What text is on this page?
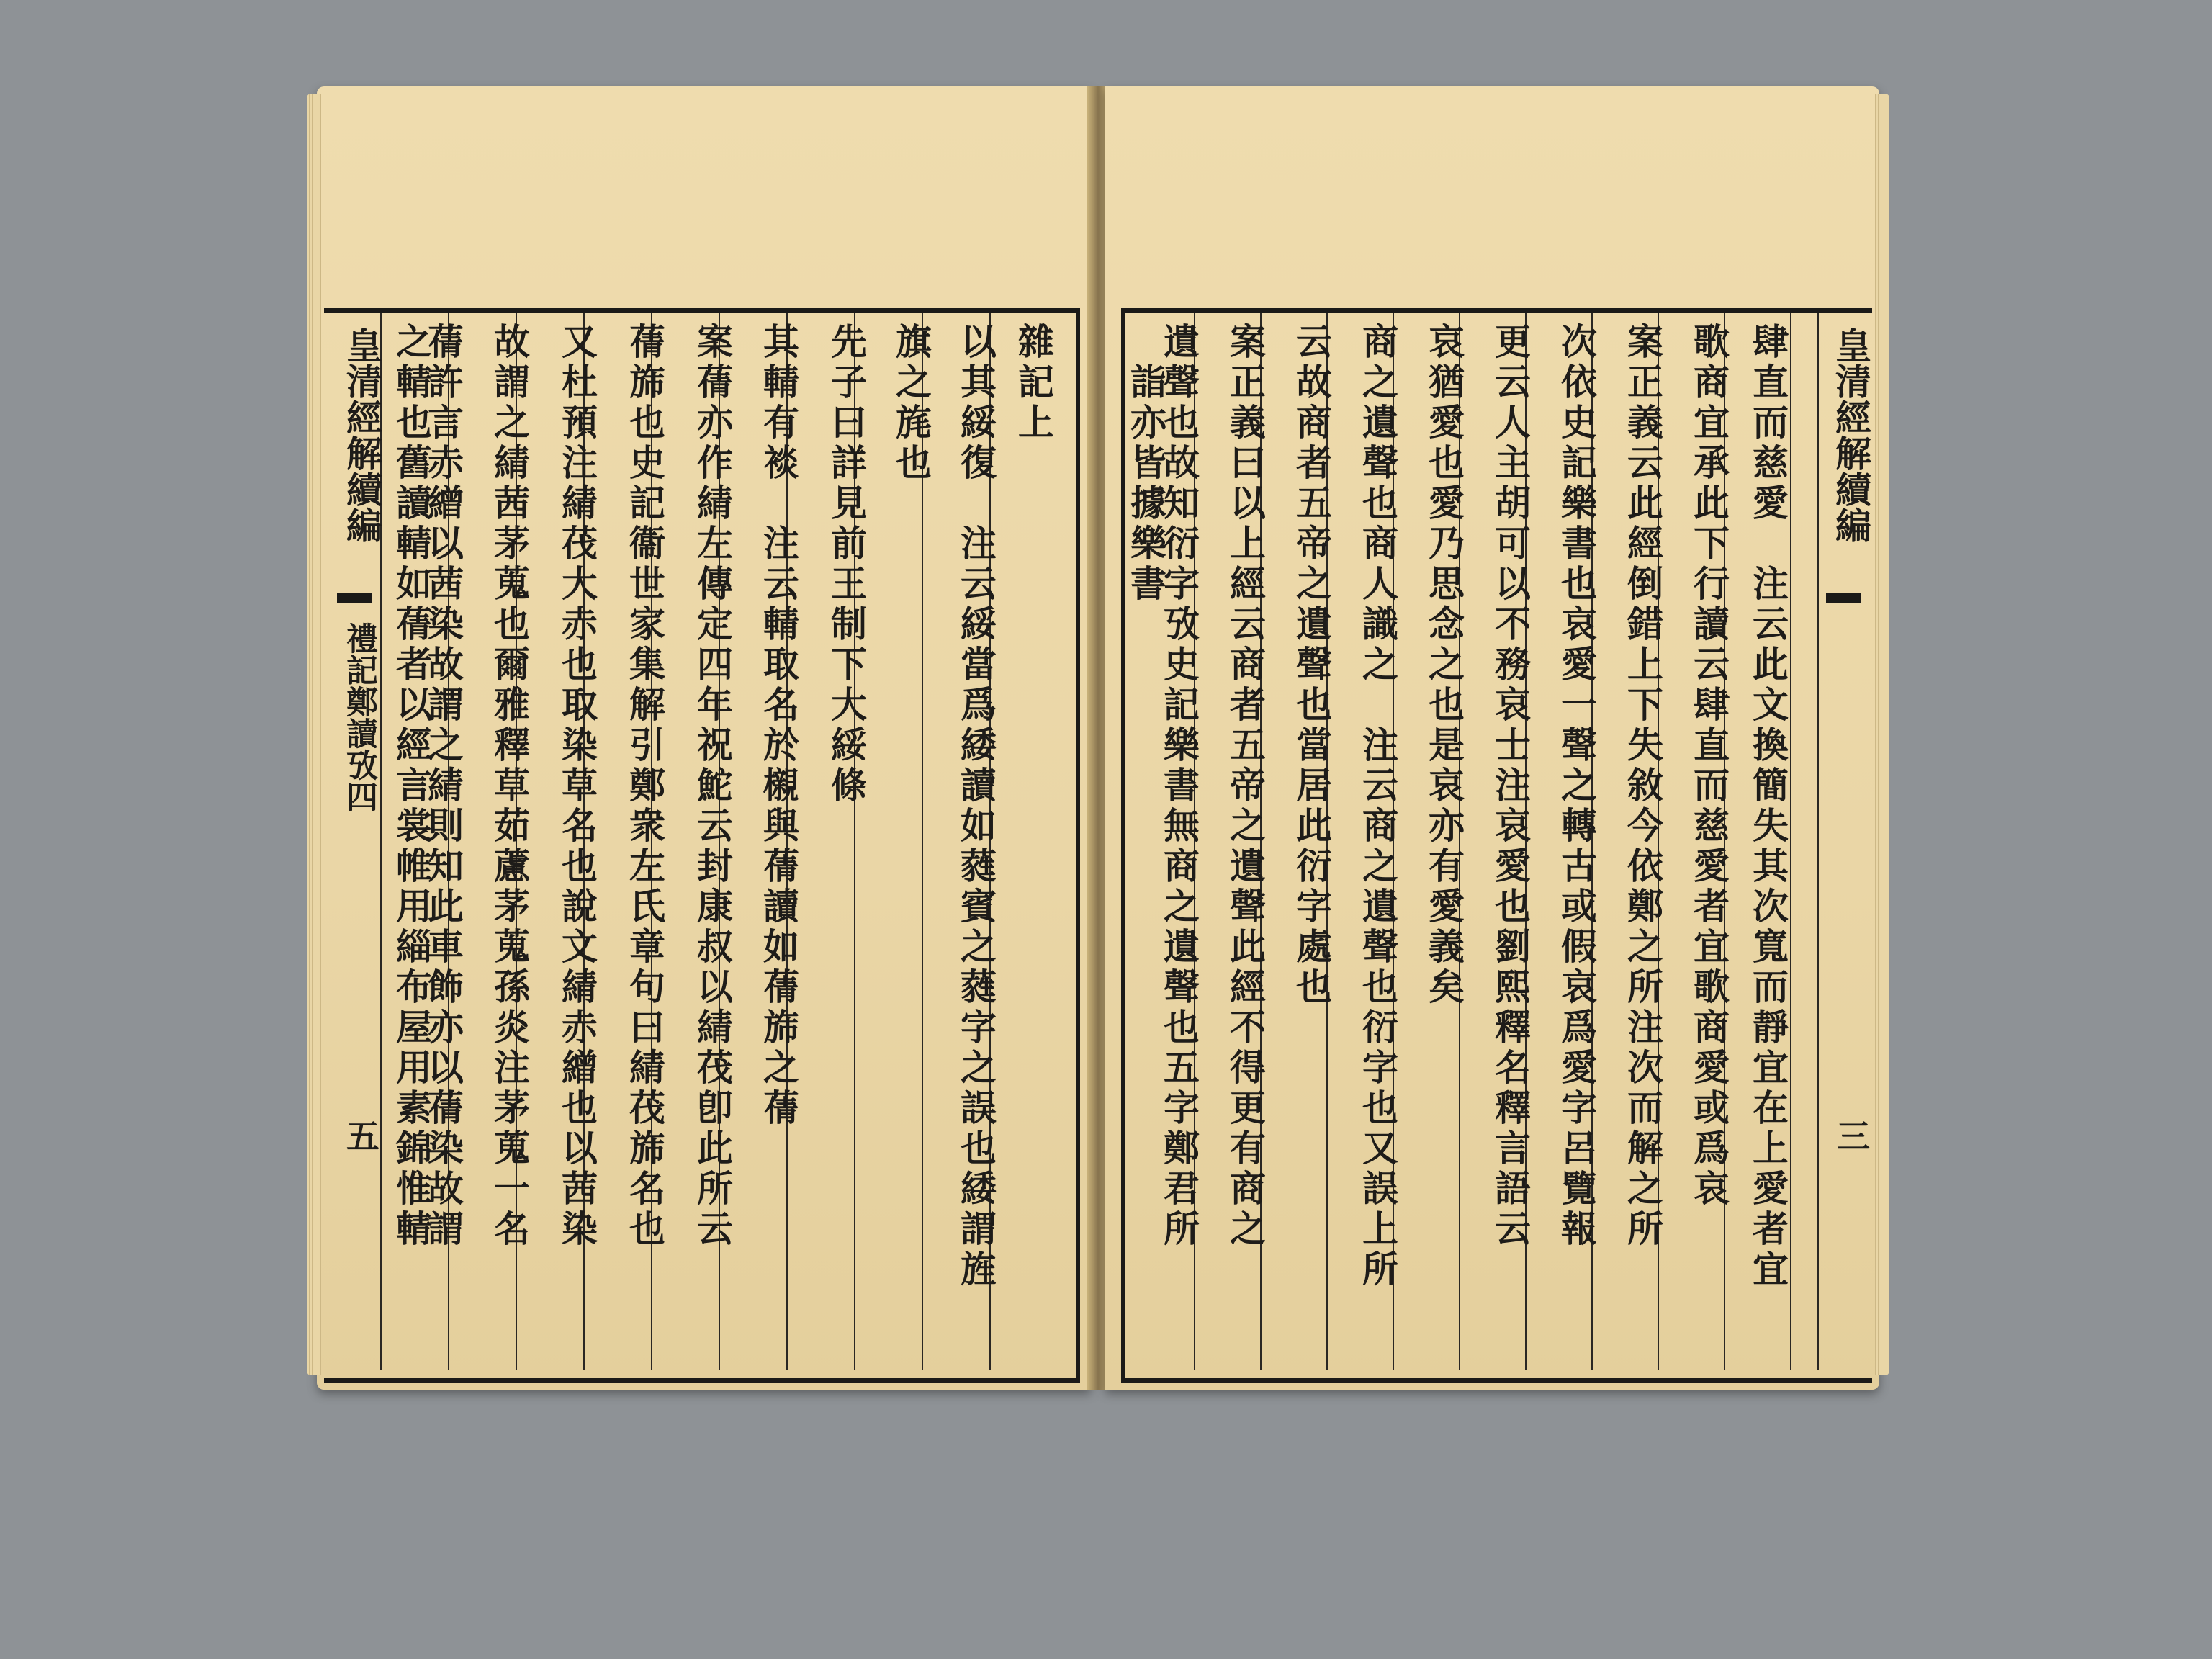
皇清經解續編
禮記鄭讀攷四
五
雜記上
以其綏復　注云綏當爲緌讀如蕤賓之蕤字之誤也緌謂旌
旗之旄也
先子曰詳見前王制下大綏條
其輤有裧　注云輤取名於櫬與蒨讀如蒨旆之蒨
案蒨亦作綪左傳定四年祝鮀云封康叔以綪茷卽此所云
蒨旆也史記衞世家集解引鄭衆左氏章句曰綪茷旆名也
又杜預注綪茷大赤也取染草名也說文綪赤繒也以茜染
故謂之綪茜茅蒐也爾雅釋草茹藘茅蒐孫炎注茅蒐一名
蒨許言赤繒以茜染故謂之綪則知此車飾亦以蒨染故謂
之輤也舊讀輤如蒨者以經言裳帷用緇布屋用素錦惟輤	皇清經解續編
三
肆直而慈愛　注云此文換簡失其次寬而靜宜在上愛者宜
歌商宜承此下行讀云肆直而慈愛者宜歌商愛或爲哀
案正義云此經倒錯上下失敘今依鄭之所注次而解之所
次依史記樂書也哀愛一聲之轉古或假哀爲愛字呂覽報
更云人主胡可以不務哀士注哀愛也劉熙釋名釋言語云
哀猶愛也愛乃思念之也是哀亦有愛義矣
商之遺聲也商人識之　注云商之遺聲也衍字也又誤上所
云故商者五帝之遺聲也當居此衍字處也
案正義曰以上經云商者五帝之遺聲此經不得更有商之
遺聲也故知衍字攷史記樂書無商之遺聲也五字鄭君所
詣亦皆據樂書
